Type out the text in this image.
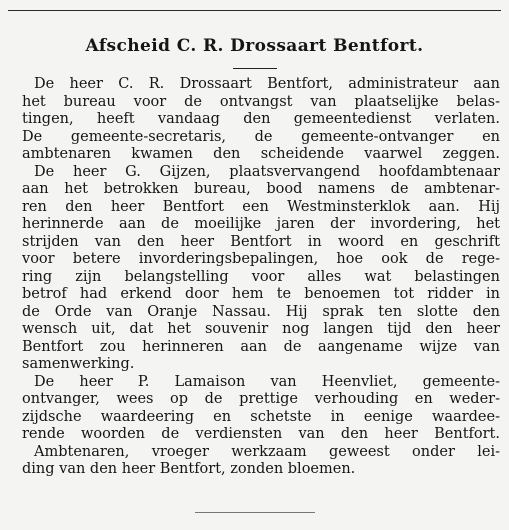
Afscheid C. R. Drossaart Bentfort.
De heer C. R. Drossaart Bentfort, administrateur aan
het bureau voor de ontvangst van plaatselijke belas-
tingen, heeft vandaag den gemeentedienst verlaten.
De gemeente-secretaris, de gemeente-ontvanger en
ambtenaren kwamen den scheidende vaarwel zeggen.
De heer G. Gijzen, plaatsvervangend hoofdambtenaar
aan het betrokken bureau, bood namens de ambtenar-
ren den heer Bentfort een Westminsterklok aan. Hij
herinnerde aan de moeilijke jaren der invordering, het
strijden van den heer Bentfort in woord en geschrift
voor betere invorderingsbepalingen, hoe ook de rege-
ring zijn belangstelling voor alles wat belastingen
betrof had erkend door hem te benoemen tot ridder in
de Orde van Oranje Nassau. Hij sprak ten slotte den
wensch uit, dat het souvenir nog langen tijd den heer
Bentfort zou herinneren aan de aangename wijze van
samenwerking.
De heer P. Lamaison van Heenvliet, gemeente-
ontvanger, wees op de prettige verhouding en weder-
zijdsche waardeering en schetste in eenige waardee-
rende woorden de verdiensten van den heer Bentfort.
Ambtenaren, vroeger werkzaam geweest onder lei-
ding van den heer Bentfort, zonden bloemen.
